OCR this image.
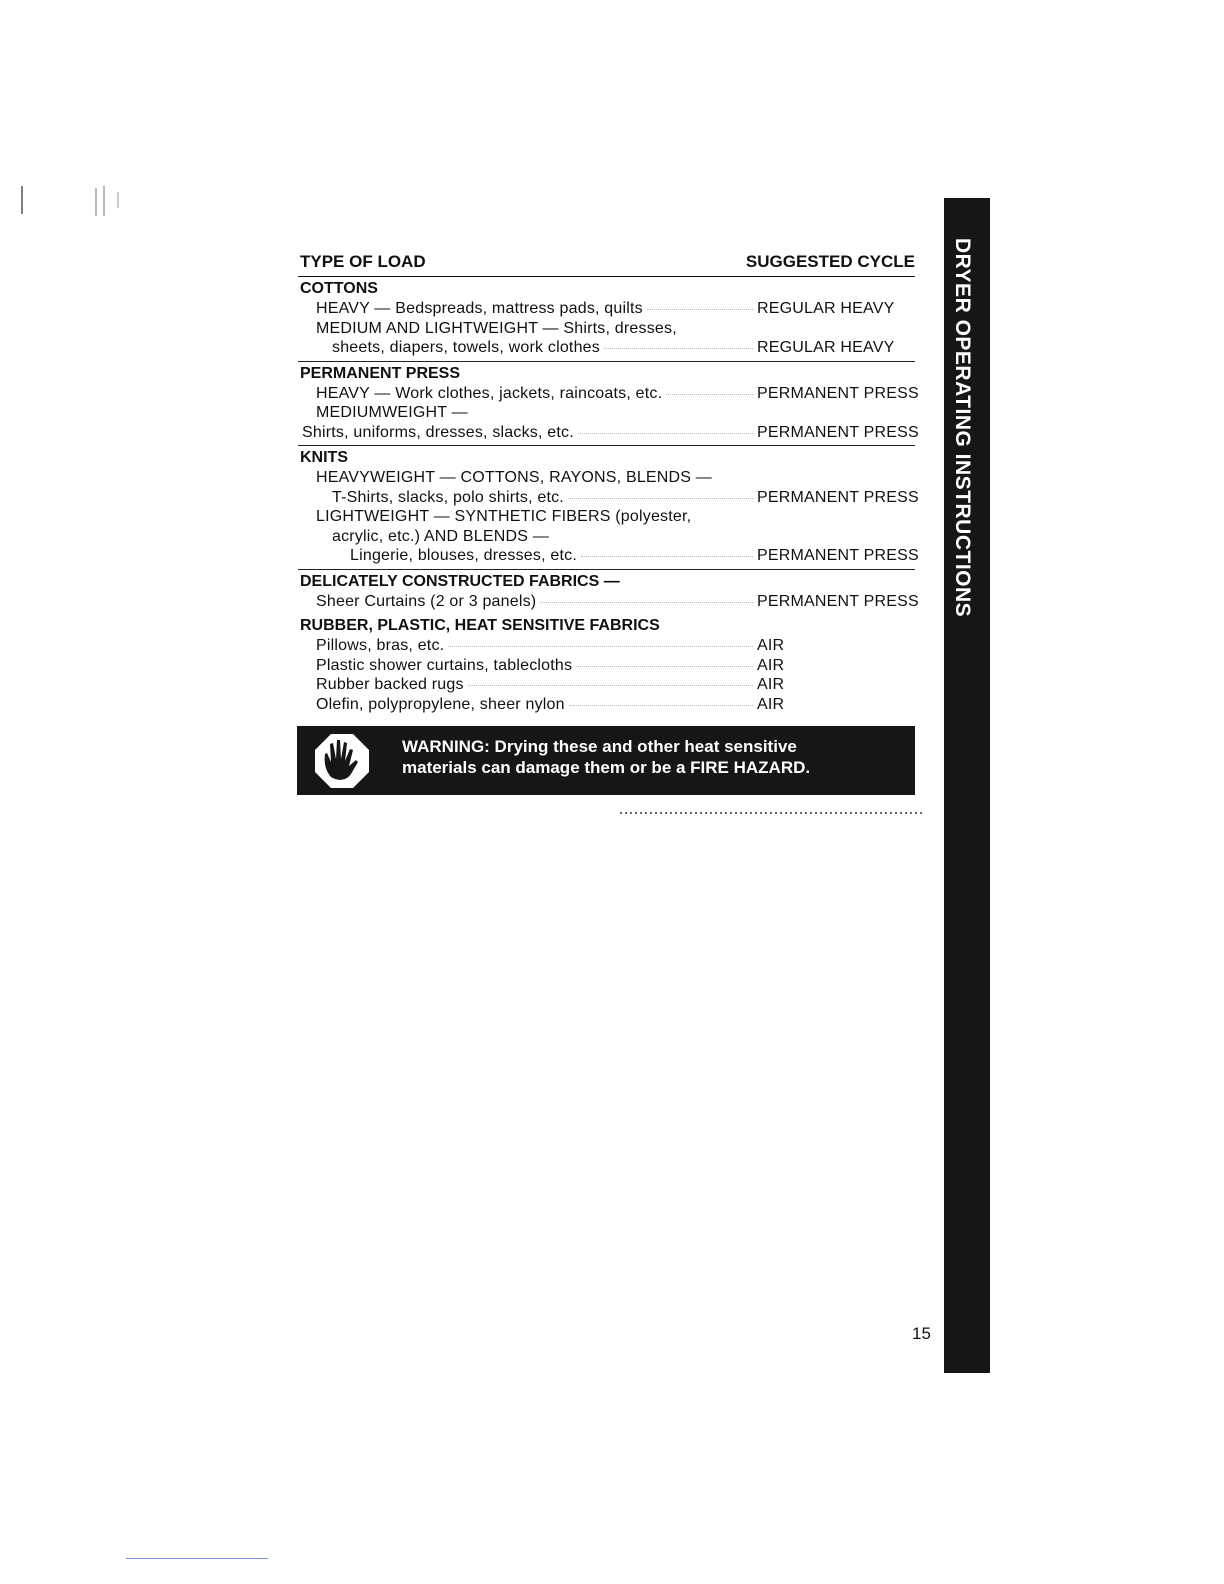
TYPE OF LOAD	SUGGESTED CYCLE
COTTONS
HEAVY — Bedspreads, mattress pads, quilts	REGULAR HEAVY
MEDIUM AND LIGHTWEIGHT — Shirts, dresses,
sheets, diapers, towels, work clothes	REGULAR HEAVY
PERMANENT PRESS
HEAVY — Work clothes, jackets, raincoats, etc.	PERMANENT PRESS
MEDIUMWEIGHT —
Shirts, uniforms, dresses, slacks, etc.	PERMANENT PRESS
KNITS
HEAVYWEIGHT — COTTONS, RAYONS, BLENDS —
T-Shirts, slacks, polo shirts, etc.	PERMANENT PRESS
LIGHTWEIGHT — SYNTHETIC FIBERS (polyester,
acrylic, etc.) AND BLENDS —
Lingerie, blouses, dresses, etc.	PERMANENT PRESS
DELICATELY CONSTRUCTED FABRICS —
Sheer Curtains (2 or 3 panels)	PERMANENT PRESS
RUBBER, PLASTIC, HEAT SENSITIVE FABRICS
Pillows, bras, etc.	AIR
Plastic shower curtains, tablecloths	AIR
Rubber backed rugs	AIR
Olefin, polypropylene, sheer nylon	AIR
WARNING: Drying these and other heat sensitive
materials can damage them or be a FIRE HAZARD.
DRYER OPERATING INSTRUCTIONS
15
